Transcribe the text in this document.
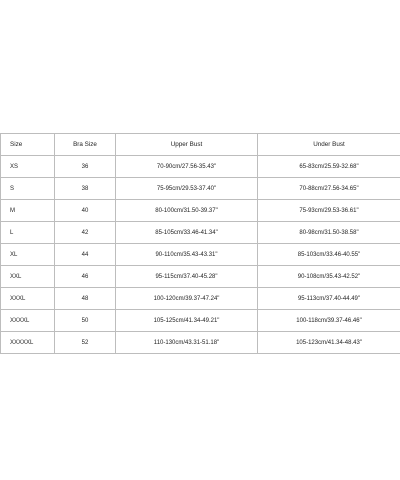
Size	Bra Size	Upper Bust	Under Bust
XS	36	70-90cm/27.56-35.43"	65-83cm/25.59-32.68"
S	38	75-95cm/29.53-37.40"	70-88cm/27.56-34.65"
M	40	80-100cm/31.50-39.37"	75-93cm/29.53-36.61"
L	42	85-105cm/33.46-41.34"	80-98cm/31.50-38.58"
XL	44	90-110cm/35.43-43.31"	85-103cm/33.46-40.55"
XXL	46	95-115cm/37.40-45.28"	90-108cm/35.43-42.52"
XXXL	48	100-120cm/39.37-47.24"	95-113cm/37.40-44.49"
XXXXL	50	105-125cm/41.34-49.21"	100-118cm/39.37-46.46"
XXXXXL	52	110-130cm/43.31-51.18"	105-123cm/41.34-48.43"
